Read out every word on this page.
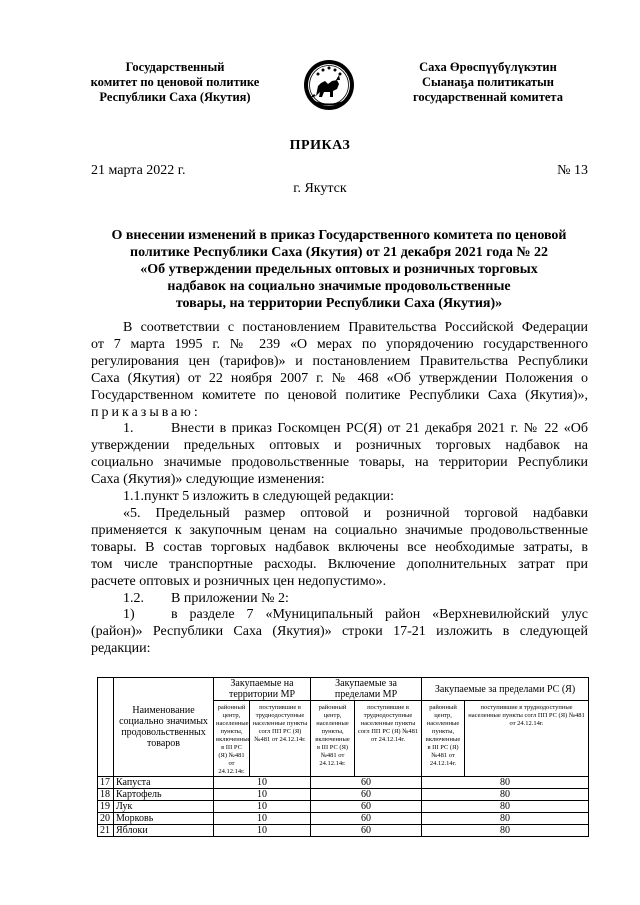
Государственный
комитет по ценовой политике
Республики Саха (Якутия)
Саха Өрөспүүбүлүкэтин
Сыанаҕа политикатын
государственнай комитета
ПРИКАЗ
21 марта 2022 г.	№ 13
г. Якутск
О внесении изменений в приказ Государственного комитета по ценовой
политике Республики Саха (Якутия) от 21 декабря 2021 года № 22
«Об утверждении предельных оптовых и розничных торговых
надбавок на социально значимые продовольственные
товары, на территории Республики Саха (Якутия)»
В соответствии с постановлением Правительства Российской Федерации
от 7 марта 1995 г. № 239 «О мерах по упорядочению государственного
регулирования цен (тарифов)» и постановлением Правительства Республики
Саха (Якутия) от 22 ноября 2007 г. № 468 «Об утверждении Положения о
Государственном комитете по ценовой политике Республики Саха (Якутия)»,
приказываю:
1.	Внести в приказ Госкомцен РС(Я) от 21 декабря 2021 г. № 22 «Об
утверждении предельных оптовых и розничных торговых надбавок на
социально значимые продовольственные товары, на территории Республики
Саха (Якутия)» следующие изменения:
1.1.пункт 5 изложить в следующей редакции:
«5. Предельный размер оптовой и розничной торговой надбавки
применяется к закупочным ценам на социально значимые продовольственные
товары. В состав торговых надбавок включены все необходимые затраты, в
том числе транспортные расходы. Включение дополнительных затрат при
расчете оптовых и розничных цен недопустимо».
1.2. В приложении № 2:
1)	в разделе 7 «Муниципальный район «Верхневилюйский улус
(район)» Республики Саха (Якутия)» строки 17-21 изложить в следующей
редакции:
	Наименование социально значимых продовольственных товаров	Закупаемые на территории МР		Закупаемые за пределами МР		Закупаемые за пределами РС (Я)	
		районный центр, населенные пункты, включенные в III РС (Я) №481 от 24.12.14г.	поступившие в труднодоступные населенные пункты согл ПП РС (Я) №481 от 24.12.14г.	районный центр, населенные пункты, включенные в III РС (Я) №481 от 24.12.14г.	поступившие в труднодоступные населенные пункты согл ПП РС (Я) №481 от 24.12.14г.	районный центр, населенные пункты, включенные в III РС (Я) №481 от 24.12.14г.	поступившие в труднодоступные населенные пункты согл ПП РС (Я) №481 от 24.12.14г.
17	Капуста	10		60		80	
18	Картофель	10		60		80	
19	Лук	10		60		80	
20	Морковь	10		60		80	
21	Яблоки	10		60		80	
